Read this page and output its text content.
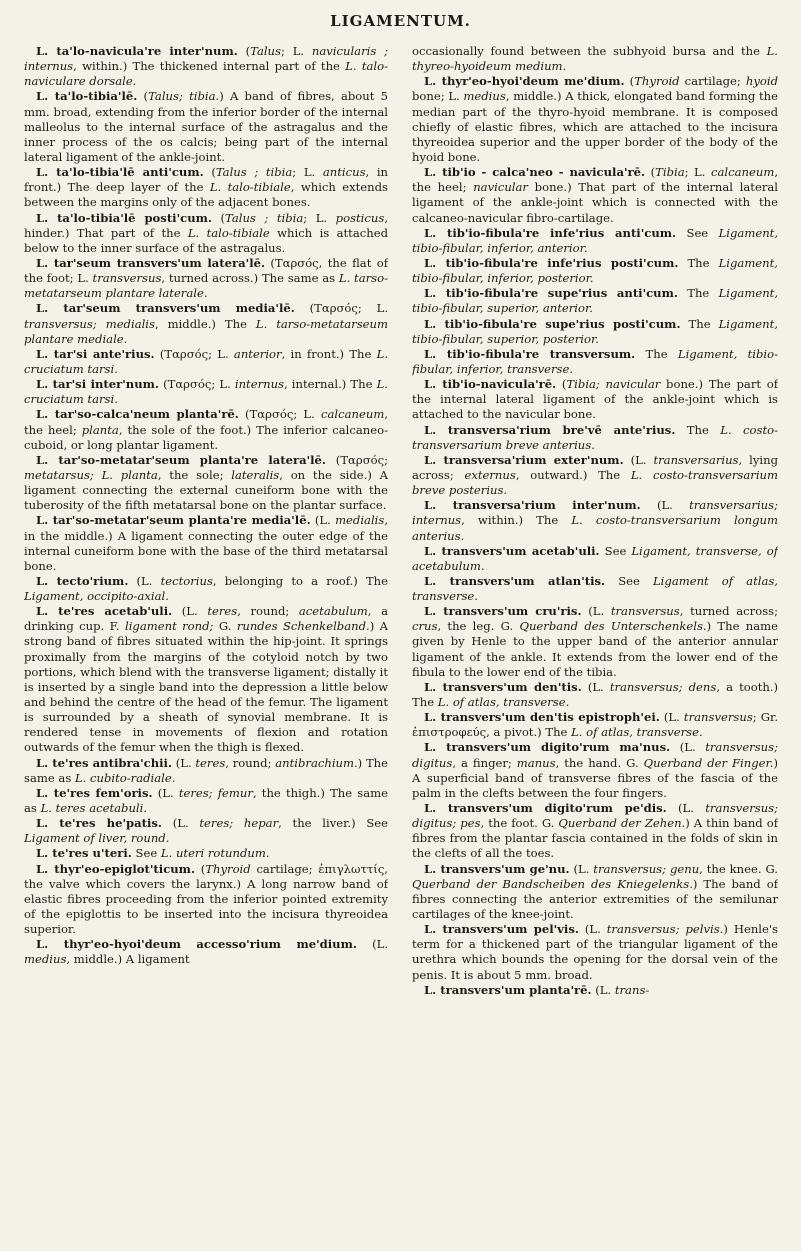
LIGAMENTUM.

L. ta'lo-navicula're inter'num. (Talus; L. navicularis ; internus, within.) The thickened internal part of the L. talo-naviculare dorsale.

L. ta'lo-tibia'lē. (Talus; tibia.) A band of fibres, about 5 mm. broad, extending from the inferior border of the internal malleolus to the internal surface of the astragalus and the inner process of the os calcis; being part of the internal lateral ligament of the ankle-joint.

L. ta'lo-tibia'lē anti'cum. (Talus ; tibia; L. anticus, in front.) The deep layer of the L. talo-tibiale, which extends between the margins only of the adjacent bones.

L. ta'lo-tibia'lē posti'cum. (Talus ; tibia; L. posticus, hinder.) That part of the L. talo-tibiale which is attached below to the inner surface of the astragalus.

L. tar'seum transvers'um latera'lē. (Ταρσός, the flat of the foot; L. transversus, turned across.) The same as L. tarso-metatarseum plantare laterale.

L. tar'seum transvers'um media'lē. (Ταρσός; L. transversus; medialis, middle.) The L. tarso-metatarseum plantare mediale.

L. tar'si ante'rius. (Ταρσός; L. anterior, in front.) The L. cruciatum tarsi.

L. tar'si inter'num. (Ταρσός; L. internus, internal.) The L. cruciatum tarsi.

L. tar'so-calca'neum planta'rē. (Ταρσός; L. calcaneum, the heel; planta, the sole of the foot.) The inferior calcaneo-cuboid, or long plantar ligament.

L. tar'so-metatar'seum planta're latera'lē. (Ταρσός; metatarsus; L. planta, the sole; lateralis, on the side.) A ligament connecting the external cuneiform bone with the tuberosity of the fifth metatarsal bone on the plantar surface.

L. tar'so-metatar'seum planta're media'lē. (L. medialis, in the middle.) A ligament connecting the outer edge of the internal cuneiform bone with the base of the third metatarsal bone.

L. tecto'rium. (L. tectorius, belonging to a roof.) The Ligament, occipito-axial.

L. te'res acetab'uli. (L. teres, round; acetabulum, a drinking cup. F. ligament rond; G. rundes Schenkelband.) A strong band of fibres situated within the hip-joint. It springs proximally from the margins of the cotyloid notch by two portions, which blend with the transverse ligament; distally it is inserted by a single band into the depression a little below and behind the centre of the head of the femur. The ligament is surrounded by a sheath of synovial membrane. It is rendered tense in movements of flexion and rotation outwards of the femur when the thigh is flexed.

L. te'res antibra'chii. (L. teres, round; antibrachium.) The same as L. cubito-radiale.

L. te'res fem'oris. (L. teres; femur, the thigh.) The same as L. teres acetabuli.

L. te'res he'patis. (L. teres; hepar, the liver.) See Ligament of liver, round.

L. te'res u'teri. See L. uteri rotundum.

L. thyr'eo-epiglot'ticum. (Thyroid cartilage; ἐπιγλωττίς, the valve which covers the larynx.) A long narrow band of elastic fibres proceeding from the inferior pointed extremity of the epiglottis to be inserted into the incisura thyreoidea superior.

L. thyr'eo-hyoi'deum accesso'rium me'dium. (L. medius, middle.) A ligament

occasionally found between the subhyoid bursa and the L. thyreo-hyoideum medium.

L. thyr'eo-hyoi'deum me'dium. (Thyroid cartilage; hyoid bone; L. medius, middle.) A thick, elongated band forming the median part of the thyro-hyoid membrane. It is composed chiefly of elastic fibres, which are attached to the incisura thyreoidea superior and the upper border of the body of the hyoid bone.

L. tib'io - calca'neo - navicula'rē. (Tibia; L. calcaneum, the heel; navicular bone.) That part of the internal lateral ligament of the ankle-joint which is connected with the calcaneo-navicular fibro-cartilage.

L. tib'io-fibula're infe'rius anti'cum. See Ligament, tibio-fibular, inferior, anterior.

L. tib'io-fibula're infe'rius posti'cum. The Ligament, tibio-fibular, inferior, posterior.

L. tib'io-fibula're supe'rius anti'cum. The Ligament, tibio-fibular, superior, anterior.

L. tib'io-fibula're supe'rius posti'cum. The Ligament, tibio-fibular, superior, posterior.

L. tib'io-fibula're transversum. The Ligament, tibio-fibular, inferior, transverse.

L. tib'io-navicula'rē. (Tibia; navicular bone.) The part of the internal lateral ligament of the ankle-joint which is attached to the navicular bone.

L. transversa'rium bre'vē ante'rius. The L. costo-transversarium breve anterius.

L. transversa'rium exter'num. (L. transversarius, lying across; externus, outward.) The L. costo-transversarium breve posterius.

L. transversa'rium inter'num. (L. transversarius; internus, within.) The L. costo-transversarium longum anterius.

L. transvers'um acetab'uli. See Ligament, transverse, of acetabulum.

L. transvers'um atlan'tis. See Ligament of atlas, transverse.

L. transvers'um cru'ris. (L. transversus, turned across; crus, the leg. G. Querband des Unterschenkels.) The name given by Henle to the upper band of the anterior annular ligament of the ankle. It extends from the lower end of the fibula to the lower end of the tibia.

L. transvers'um den'tis. (L. transversus; dens, a tooth.) The L. of atlas, transverse.

L. transvers'um den'tis epistroph'ei. (L. transversus; Gr. ἐπιστροφεύς, a pivot.) The L. of atlas, transverse.

L. transvers'um digito'rum ma'nus. (L. transversus; digitus, a finger; manus, the hand. G. Querband der Finger.) A superficial band of transverse fibres of the fascia of the palm in the clefts between the four fingers.

L. transvers'um digito'rum pe'dis. (L. transversus; digitus; pes, the foot. G. Querband der Zehen.) A thin band of fibres from the plantar fascia contained in the folds of skin in the clefts of all the toes.

L. transvers'um ge'nu. (L. transversus; genu, the knee. G. Querband der Bandscheiben des Kniegelenks.) The band of fibres connecting the anterior extremities of the semilunar cartilages of the knee-joint.

L. transvers'um pel'vis. (L. transversus; pelvis.) Henle's term for a thickened part of the triangular ligament of the urethra which bounds the opening for the dorsal vein of the penis. It is about 5 mm. broad.

L. transvers'um planta'rē. (L. trans-
